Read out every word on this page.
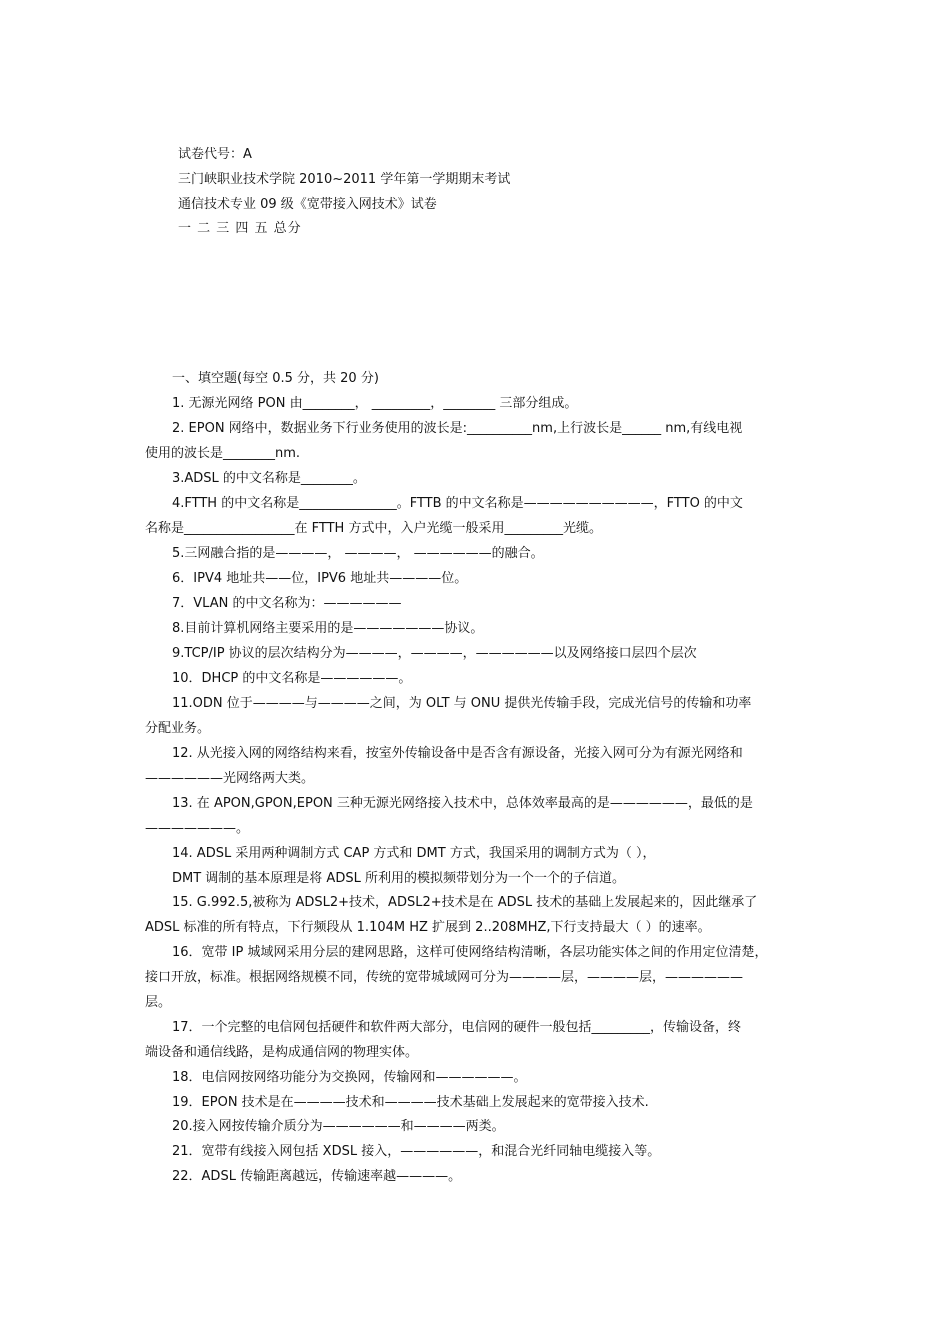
试卷代号：A
三门峡职业技术学院 2010~2011 学年第一学期期末考试
通信技术专业 09 级《宽带接入网技术》试卷
一 二 三 四 五 总分
一、填空题(每空 0.5 分，共 20 分)
1. 无源光网络 PON 由________， _________，________ 三部分组成。
2. EPON 网络中，数据业务下行业务使用的波长是:__________nm,上行波长是______ nm,有线电视
使用的波长是________nm.
3.ADSL 的中文名称是________。
4.FTTH 的中文名称是_______________。FTTB 的中文名称是——————————，FTTO 的中文
名称是_________________在 FTTH 方式中，入户光缆一般采用_________光缆。
5.三网融合指的是————， ————， ——————的融合。
6．IPV4 地址共——位，IPV6 地址共————位。
7．VLAN 的中文名称为：——————
8.目前计算机网络主要采用的是———————协议。
9.TCP/IP 协议的层次结构分为————，————，——————以及网络接口层四个层次
10．DHCP 的中文名称是——————。
11.ODN 位于————与————之间，为 OLT 与 ONU 提供光传输手段，完成光信号的传输和功率
分配业务。
12. 从光接入网的网络结构来看，按室外传输设备中是否含有源设备，光接入网可分为有源光网络和
——————光网络两大类。
13. 在 APON,GPON,EPON 三种无源光网络接入技术中，总体效率最高的是——————，最低的是
———————。
14. ADSL 采用两种调制方式 CAP 方式和 DMT 方式，我国采用的调制方式为（ ），
DMT 调制的基本原理是将 ADSL 所利用的模拟频带划分为一个一个的子信道。
15. G.992.5,被称为 ADSL2+技术，ADSL2+技术是在 ADSL 技术的基础上发展起来的，因此继承了
ADSL 标准的所有特点，下行频段从 1.104M HZ 扩展到 2..208MHZ,下行支持最大（ ）的速率。
16．宽带 IP 城域网采用分层的建网思路，这样可使网络结构清晰，各层功能实体之间的作用定位清楚，
接口开放，标准。根据网络规模不同，传统的宽带城域网可分为————层，————层，——————
层。
17．一个完整的电信网包括硬件和软件两大部分，电信网的硬件一般包括_________，传输设备，终
端设备和通信线路，是构成通信网的物理实体。
18．电信网按网络功能分为交换网，传输网和——————。
19．EPON 技术是在————技术和————技术基础上发展起来的宽带接入技术.
20.接入网按传输介质分为——————和————两类。
21．宽带有线接入网包括 XDSL 接入，——————，和混合光纤同轴电缆接入等。
22．ADSL 传输距离越远，传输速率越————。
